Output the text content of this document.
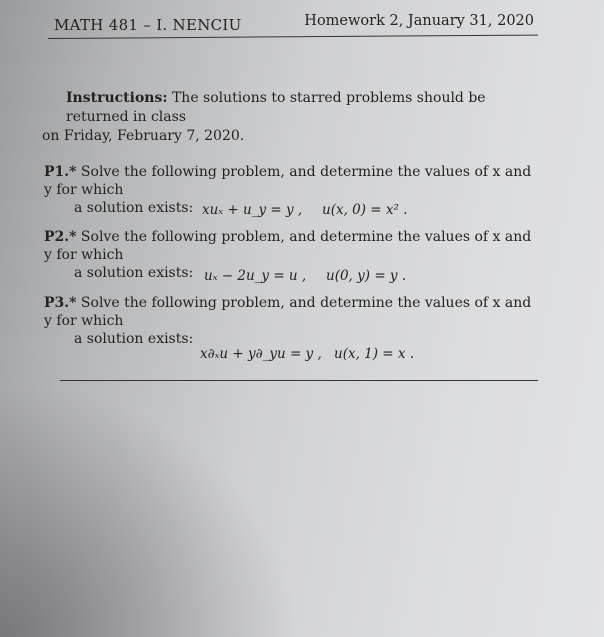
MATH 481 – I. NENCIU	Homework 2, January 31, 2020
Instructions: The solutions to starred problems should be returned in class
on Friday, February 7, 2020.
P1.* Solve the following problem, and determine the values of x and y for which
a solution exists: xuₓ + u_y = y , u(x, 0) = x² .
P2.* Solve the following problem, and determine the values of x and y for which
a solution exists: uₓ − 2u_y = u , u(0, y) = y .
P3.* Solve the following problem, and determine the values of x and y for which
a solution exists:
x∂ₓu + y∂_yu = y , u(x, 1) = x .
